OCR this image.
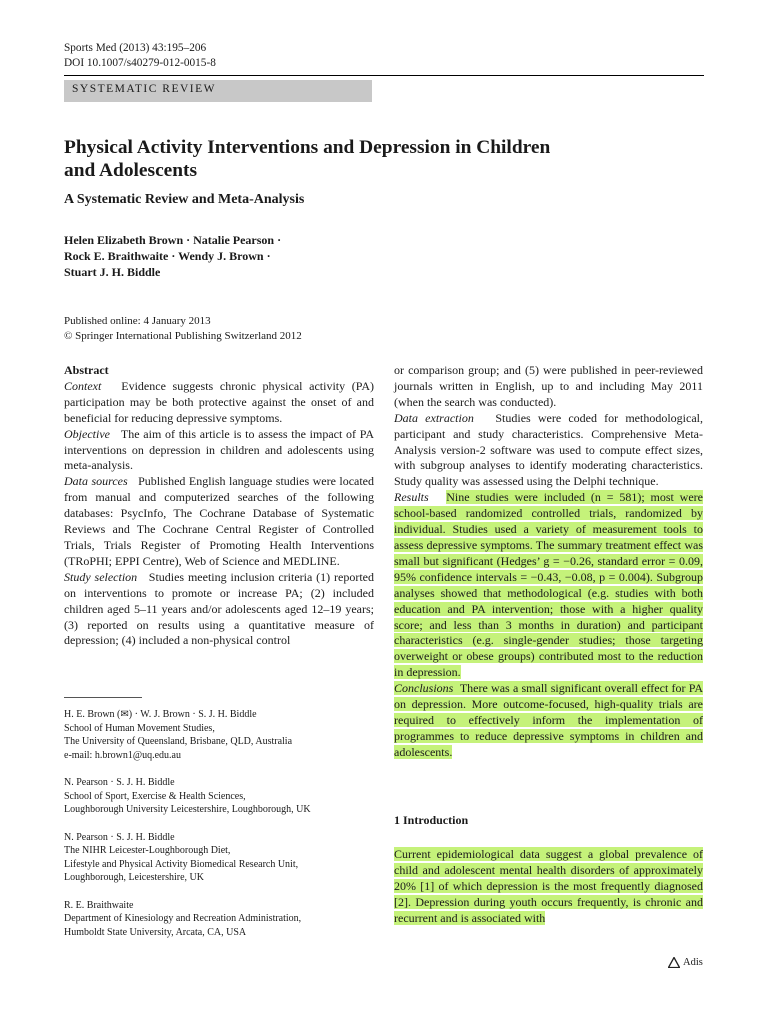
Sports Med (2013) 43:195–206
DOI 10.1007/s40279-012-0015-8
SYSTEMATIC REVIEW
Physical Activity Interventions and Depression in Children
and Adolescents
A Systematic Review and Meta-Analysis
Helen Elizabeth Brown · Natalie Pearson ·
Rock E. Braithwaite · Wendy J. Brown ·
Stuart J. H. Biddle
Published online: 4 January 2013
© Springer International Publishing Switzerland 2012

Abstract

Context Evidence suggests chronic physical activity (PA) participation may be both protective against the onset of and beneficial for reducing depressive symptoms.

Objective The aim of this article is to assess the impact of PA interventions on depression in children and adolescents using meta-analysis.

Data sources Published English language studies were located from manual and computerized searches of the following databases: PsycInfo, The Cochrane Database of Systematic Reviews and The Cochrane Central Register of Controlled Trials, Trials Register of Promoting Health Interventions (TRoPHI; EPPI Centre), Web of Science and MEDLINE.

Study selection Studies meeting inclusion criteria (1) reported on interventions to promote or increase PA; (2) included children aged 5–11 years and/or adolescents aged 12–19 years; (3) reported on results using a quantitative measure of depression; (4) included a non-physical control

H. E. Brown (✉) · W. J. Brown · S. J. H. Biddle
School of Human Movement Studies,
The University of Queensland, Brisbane, QLD, Australia
e-mail: h.brown1@uq.edu.au
N. Pearson · S. J. H. Biddle
School of Sport, Exercise & Health Sciences,
Loughborough University Leicestershire, Loughborough, UK
N. Pearson · S. J. H. Biddle
The NIHR Leicester-Loughborough Diet,
Lifestyle and Physical Activity Biomedical Research Unit,
Loughborough, Leicestershire, UK
R. E. Braithwaite
Department of Kinesiology and Recreation Administration,
Humboldt State University, Arcata, CA, USA

or comparison group; and (5) were published in peer-reviewed journals written in English, up to and including May 2011 (when the search was conducted).

Data extraction Studies were coded for methodological, participant and study characteristics. Comprehensive Meta-Analysis version-2 software was used to compute effect sizes, with subgroup analyses to identify moderating characteristics. Study quality was assessed using the Delphi technique.

Results Nine studies were included (n = 581); most were school-based randomized controlled trials, randomized by individual. Studies used a variety of measurement tools to assess depressive symptoms. The summary treatment effect was small but significant (Hedges’ g = −0.26, standard error = 0.09, 95% confidence intervals = −0.43, −0.08, p = 0.004). Subgroup analyses showed that methodological (e.g. studies with both education and PA intervention; those with a higher quality score; and less than 3 months in duration) and participant characteristics (e.g. single-gender studies; those targeting overweight or obese groups) contributed most to the reduction in depression.

Conclusions There was a small significant overall effect for PA on depression. More outcome-focused, high-quality trials are required to effectively inform the implementation of programmes to reduce depressive symptoms in children and adolescents.

1 Introduction
Current epidemiological data suggest a global prevalence of child and adolescent mental health disorders of approximately 20% [1] of which depression is the most frequently diagnosed [2]. Depression during youth occurs frequently, is chronic and recurrent and is associated with
Adis
